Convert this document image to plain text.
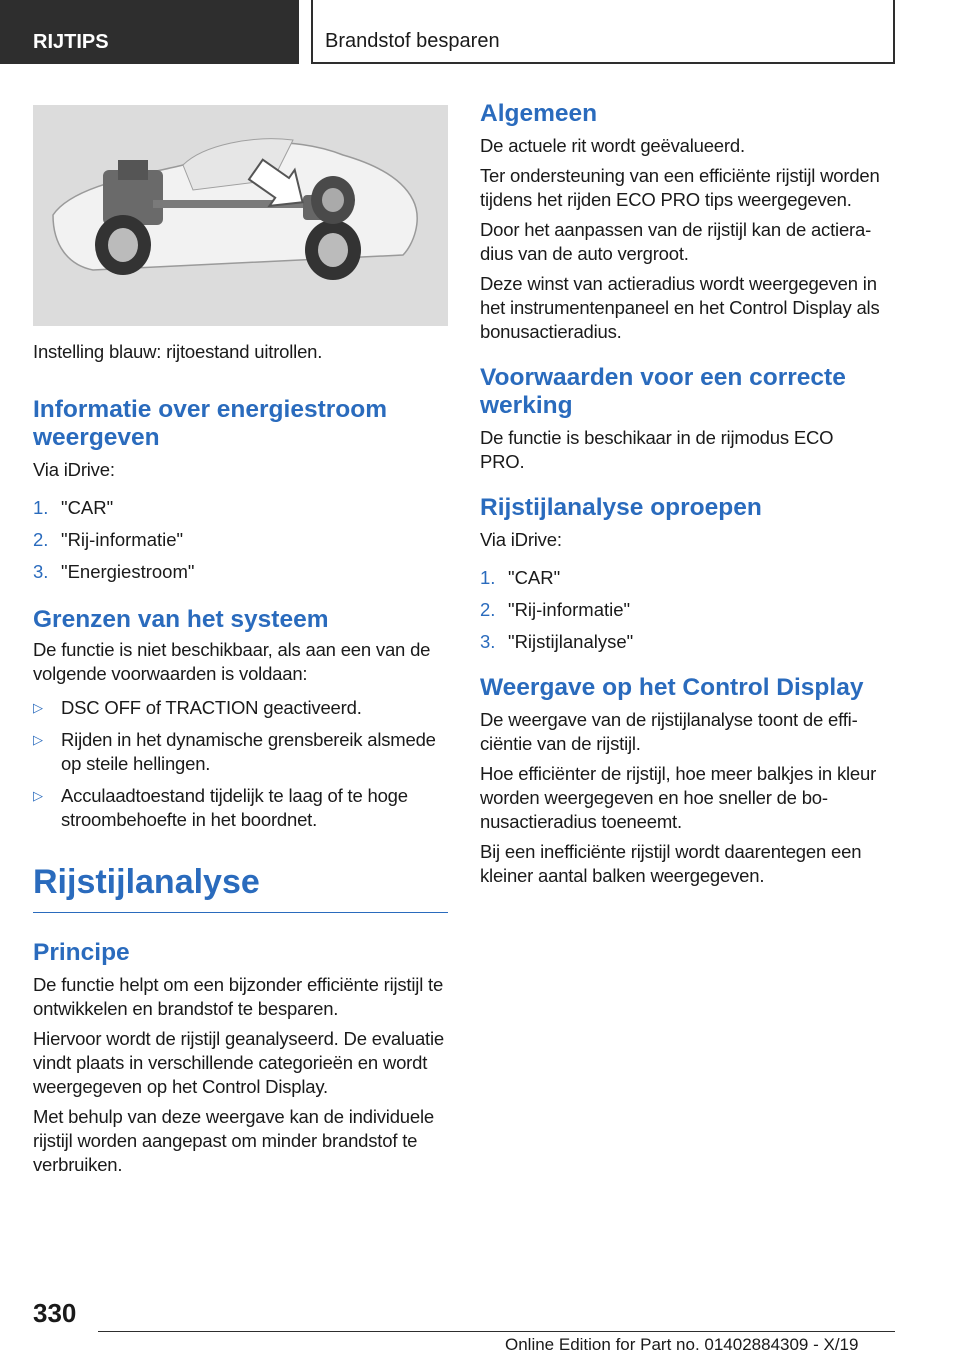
RIJTIPS	Brandstof besparen

Instelling blauw: rijtoestand uitrollen.

Informatie over energiestroom weergeven

Via iDrive:

1. "CAR"
2. "Rij-informatie"
3. "Energiestroom"
Grenzen van het systeem

De functie is niet beschikbaar, als aan een van de volgende voorwaarden is voldaan:

▷ DSC OFF of TRACTION geactiveerd.
▷ Rijden in het dynamische grensbereik alsmede op steile hellingen.
▷ Acculaadtoestand tijdelijk te laag of te hoge stroombehoefte in het boordnet.
Rijstijlanalyse
Principe

De functie helpt om een bijzonder efficiënte rijstijl te ontwikkelen en brandstof te besparen.

Hiervoor wordt de rijstijl geanalyseerd. De evaluatie vindt plaats in verschillende categorieën en wordt weergegeven op het Control Display.

Met behulp van deze weergave kan de individuele rijstijl worden aangepast om minder brandstof te verbruiken.

Algemeen

De actuele rit wordt geëvalueerd.

Ter ondersteuning van een efficiënte rijstijl worden tijdens het rijden ECO PRO tips weergegeven.

Door het aanpassen van de rijstijl kan de actieradius van de auto vergroot.

Deze winst van actieradius wordt weergegeven in het instrumentenpaneel en het Control Display als bonusactieradius.

Voorwaarden voor een correcte werking

De functie is beschikaar in de rijmodus ECO PRO.

Rijstijlanalyse oproepen

Via iDrive:

1. "CAR"
2. "Rij-informatie"
3. "Rijstijlanalyse"
Weergave op het Control Display

De weergave van de rijstijlanalyse toont de efficiëntie van de rijstijl.

Hoe efficiënter de rijstijl, hoe meer balkjes in kleur worden weergegeven en hoe sneller de bonusactieradius toeneemt.

Bij een inefficiënte rijstijl wordt daarentegen een kleiner aantal balken weergegeven.

330
Online Edition for Part no. 01402884309 - X/19
